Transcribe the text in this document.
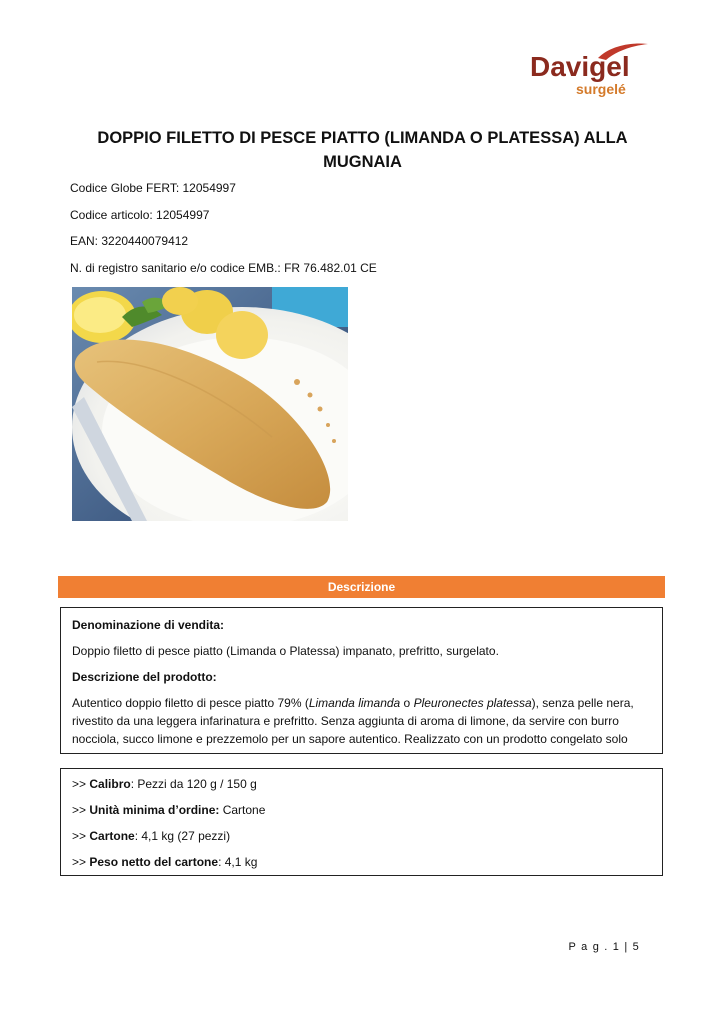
Davigel
surgelé
DOPPIO FILETTO DI PESCE PIATTO (LIMANDA O PLATESSA) ALLA MUGNAIA
Codice Globe FERT: 12054997
Codice articolo: 12054997
EAN: 3220440079412
N. di registro sanitario e/o codice EMB.: FR 76.482.01 CE
Descrizione

Denominazione di vendita:

Doppio filetto di pesce piatto (Limanda o Platessa) impanato, prefritto, surgelato.

Descrizione del prodotto:

Autentico doppio filetto di pesce piatto 79% (Limanda limanda o Pleuronectes platessa), senza pelle nera, rivestito da una leggera infarinatura e prefritto. Senza aggiunta di aroma di limone, da servire con burro nocciola, succo limone e prezzemolo per un sapore autentico. Realizzato con un prodotto congelato solo

>> Calibro: Pezzi da 120 g / 150 g
>> Unità minima d’ordine: Cartone
>> Cartone: 4,1 kg (27 pezzi)
>> Peso netto del cartone: 4,1 kg
P a g . 1 | 5
